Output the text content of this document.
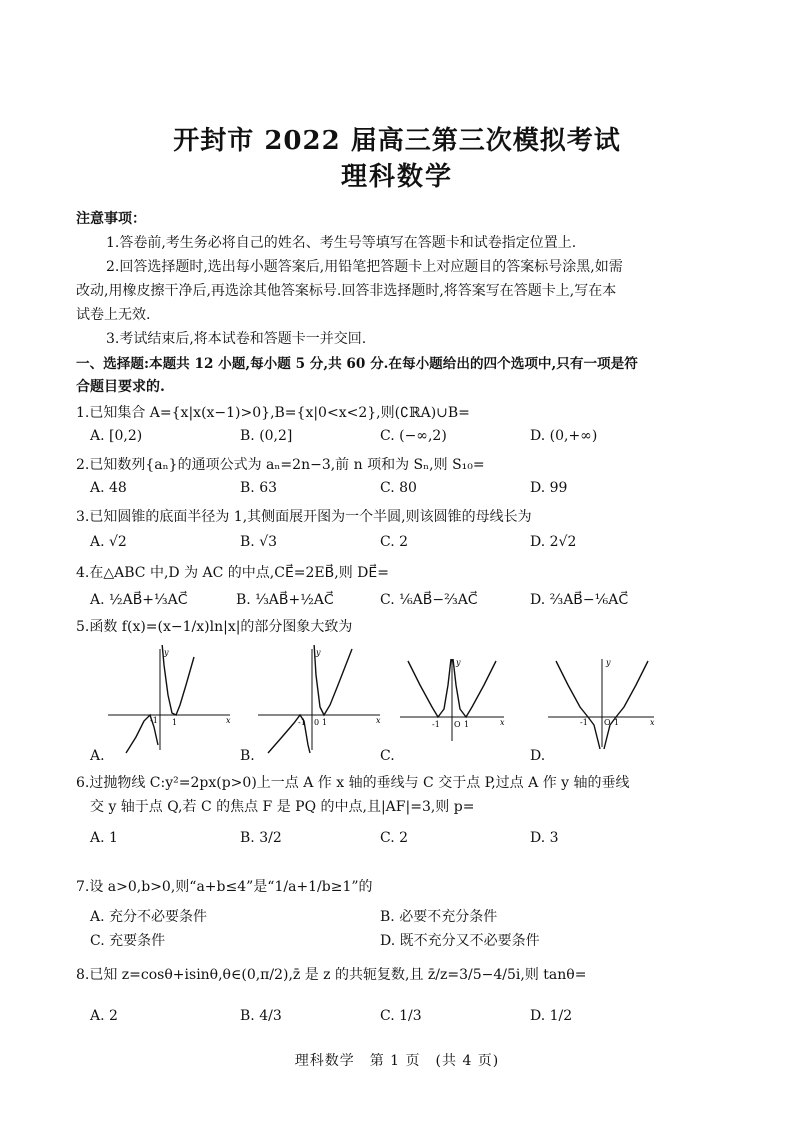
开封市 2022 届高三第三次模拟考试
理科数学
注意事项：
1.答卷前,考生务必将自己的姓名、考生号等填写在答题卡和试卷指定位置上.
2.回答选择题时,选出每小题答案后,用铅笔把答题卡上对应题目的答案标号涂黑,如需
改动,用橡皮擦干净后,再选涂其他答案标号.回答非选择题时,将答案写在答题卡上,写在本
试卷上无效.
3.考试结束后,将本试卷和答题卡一并交回.
一、选择题:本题共 12 小题,每小题 5 分,共 60 分.在每小题给出的四个选项中,只有一项是符
合题目要求的.
1.已知集合 A={x|x(x−1)>0},B={x|0<x<2},则(∁ℝA)∪B=
A. [0,2)	B. (0,2]	C. (−∞,2)	D. (0,+∞)
2.已知数列{aₙ}的通项公式为 aₙ=2n−3,前 n 项和为 Sₙ,则 S₁₀=
A. 48	B. 63	C. 80	D. 99
3.已知圆锥的底面半径为 1,其侧面展开图为一个半圆,则该圆锥的母线长为
A. √2	B. √3	C. 2	D. 2√2
4.在△ABC 中,D 为 AC 的中点,CE⃗=2EB⃗,则 DE⃗=
A. ½AB⃗+⅓AC⃗	B. ⅓AB⃗+½AC⃗	C. ⅙AB⃗−⅔AC⃗	D. ⅔AB⃗−⅙AC⃗
5.函数 f(x)=(x−1/x)ln|x|的部分图象大致为
-1 1
y
x
A.
-1 0 1
y
x
B.
-1 O 1
y
x
C.
-1 O 1
y
x
D.
6.过抛物线 C:y²=2px(p>0)上一点 A 作 x 轴的垂线与 C 交于点 P,过点 A 作 y 轴的垂线
交 y 轴于点 Q,若 C 的焦点 F 是 PQ 的中点,且|AF|=3,则 p=
A. 1	B. 3/2	C. 2	D. 3
7.设 a>0,b>0,则“a+b≤4”是“1/a+1/b≥1”的
A. 充分不必要条件	B. 必要不充分条件
C. 充要条件	D. 既不充分又不必要条件
8.已知 z=cosθ+isinθ,θ∈(0,π/2),z̄ 是 z 的共轭复数,且 z̄/z=3/5−4/5i,则 tanθ=
A. 2	B. 4/3	C. 1/3	D. 1/2
理科数学　第 1 页　(共 4 页)
